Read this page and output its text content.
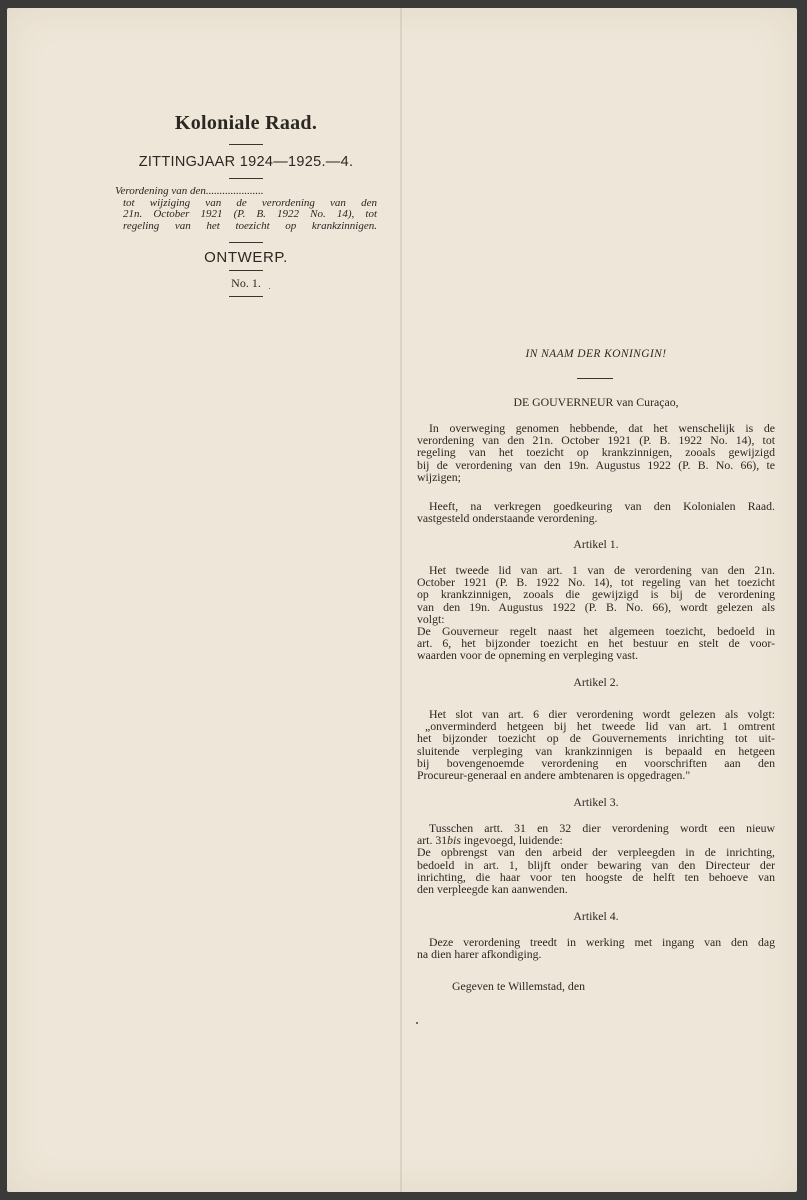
Koloniale Raad.
ZITTINGJAAR 1924—1925.—4.
Verordening van den.....................
tot wijziging van de verordening van den
21n. October 1921 (P. B. 1922 No. 14), tot
regeling van het toezicht op krankzinnigen.
ONTWERP.
No. 1.
IN NAAM DER KONINGIN!
DE GOUVERNEUR van Curaçao,
In overweging genomen hebbende, dat het wenschelijk is de
verordening van den 21n. October 1921 (P. B. 1922 No. 14), tot
regeling van het toezicht op krankzinnigen, zooals gewijzigd
bij de verordening van den 19n. Augustus 1922 (P. B. No. 66), te
wijzigen;
Heeft, na verkregen goedkeuring van den Kolonialen Raad.
vastgesteld onderstaande verordening.
Artikel 1.
Het tweede lid van art. 1 van de verordening van den 21n.
October 1921 (P. B. 1922 No. 14), tot regeling van het toezicht
op krankzinnigen, zooals die gewijzigd is bij de verordening
van den 19n. Augustus 1922 (P. B. No. 66), wordt gelezen als
volgt:
De Gouverneur regelt naast het algemeen toezicht, bedoeld in
art. 6, het bijzonder toezicht en het bestuur en stelt de voor-
waarden voor de opneming en verpleging vast.
Artikel 2.
Het slot van art. 6 dier verordening wordt gelezen als volgt:
„onverminderd hetgeen bij het tweede lid van art. 1 omtrent
het bijzonder toezicht op de Gouvernements inrichting tot uit-
sluitende verpleging van krankzinnigen is bepaald en hetgeen
bij bovengenoemde verordening en voorschriften aan den
Procureur-generaal en andere ambtenaren is opgedragen."
Artikel 3.
Tusschen artt. 31 en 32 dier verordening wordt een nieuw
art. 31bis ingevoegd, luidende:
De opbrengst van den arbeid der verpleegden in de inrichting,
bedoeld in art. 1, blijft onder bewaring van den Directeur der
inrichting, die haar voor ten hoogste de helft ten behoeve van
den verpleegde kan aanwenden.
Artikel 4.
Deze verordening treedt in werking met ingang van den dag
na dien harer afkondiging.
Gegeven te Willemstad, den
